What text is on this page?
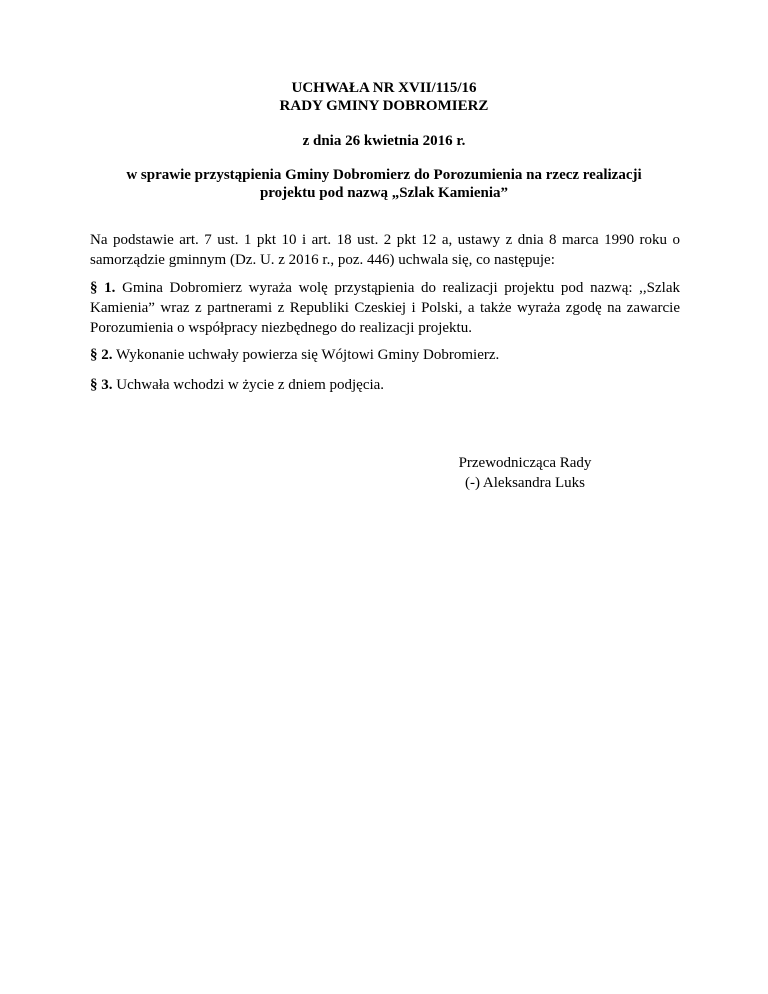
UCHWAŁA NR XVII/115/16
RADY GMINY DOBROMIERZ
z dnia 26 kwietnia 2016 r.
w sprawie przystąpienia Gminy Dobromierz do Porozumienia na rzecz realizacji
projektu pod nazwą „Szlak Kamienia”

Na podstawie art. 7 ust. 1 pkt 10 i art. 18 ust. 2 pkt 12 a, ustawy z dnia 8 marca 1990 roku o samorządzie gminnym (Dz. U. z 2016 r., poz. 446) uchwala się, co następuje:

§ 1. Gmina Dobromierz wyraża wolę przystąpienia do realizacji projektu pod nazwą: ,,Szlak Kamienia” wraz z partnerami z Republiki Czeskiej i Polski, a także wyraża zgodę na zawarcie Porozumienia o współpracy niezbędnego do realizacji projektu.

§ 2. Wykonanie uchwały powierza się Wójtowi Gminy Dobromierz.

§ 3. Uchwała wchodzi w życie z dniem podjęcia.

Przewodnicząca Rady
(-) Aleksandra Luks
